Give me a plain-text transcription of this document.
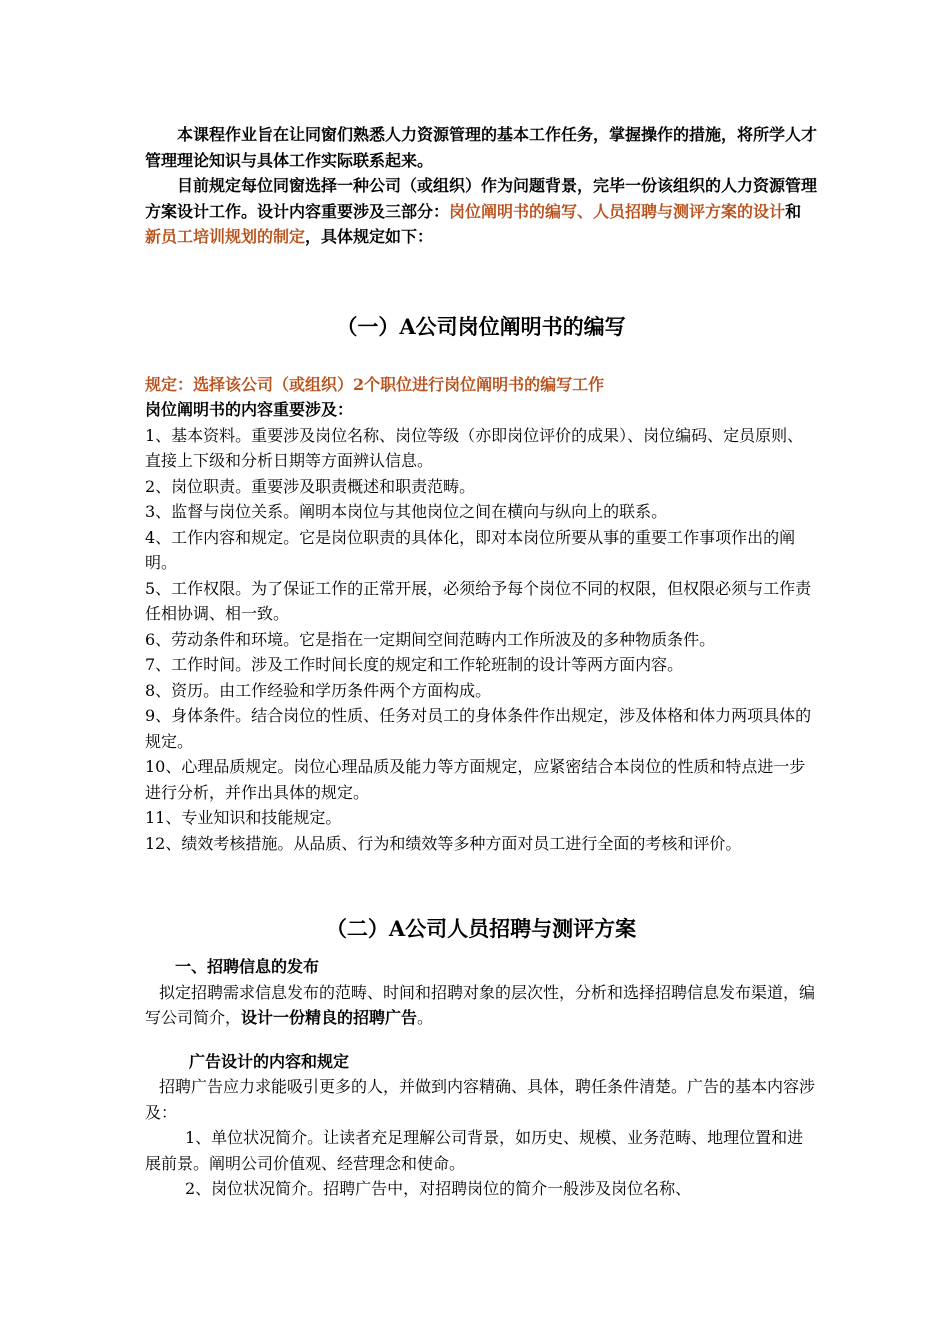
本课程作业旨在让同窗们熟悉人力资源管理的基本工作任务，掌握操作的措施，将所学人才管理理论知识与具体工作实际联系起来。

目前规定每位同窗选择一种公司（或组织）作为问题背景，完毕一份该组织的人力资源管理方案设计工作。设计内容重要涉及三部分：岗位阐明书的编写、人员招聘与测评方案的设计和新员工培训规划的制定，具体规定如下：

（一）A公司岗位阐明书的编写

规定：选择该公司（或组织）2个职位进行岗位阐明书的编写工作

岗位阐明书的内容重要涉及：

1、基本资料。重要涉及岗位名称、岗位等级（亦即岗位评价的成果）、岗位编码、定员原则、直接上下级和分析日期等方面辨认信息。

2、岗位职责。重要涉及职责概述和职责范畴。

3、监督与岗位关系。阐明本岗位与其他岗位之间在横向与纵向上的联系。

4、工作内容和规定。它是岗位职责的具体化，即对本岗位所要从事的重要工作事项作出的阐明。

5、工作权限。为了保证工作的正常开展，必须给予每个岗位不同的权限，但权限必须与工作责任相协调、相一致。

6、劳动条件和环境。它是指在一定期间空间范畴内工作所波及的多种物质条件。

7、工作时间。涉及工作时间长度的规定和工作轮班制的设计等两方面内容。

8、资历。由工作经验和学历条件两个方面构成。

9、身体条件。结合岗位的性质、任务对员工的身体条件作出规定，涉及体格和体力两项具体的规定。

10、心理品质规定。岗位心理品质及能力等方面规定，应紧密结合本岗位的性质和特点进一步进行分析，并作出具体的规定。

11、专业知识和技能规定。

12、绩效考核措施。从品质、行为和绩效等多种方面对员工进行全面的考核和评价。

（二）A公司人员招聘与测评方案

一、招聘信息的发布

拟定招聘需求信息发布的范畴、时间和招聘对象的层次性，分析和选择招聘信息发布渠道，编写公司简介，设计一份精良的招聘广告。

广告设计的内容和规定

招聘广告应力求能吸引更多的人，并做到内容精确、具体，聘任条件清楚。广告的基本内容涉及：

1、单位状况简介。让读者充足理解公司背景，如历史、规模、业务范畴、地理位置和进展前景。阐明公司价值观、经营理念和使命。

2、岗位状况简介。招聘广告中，对招聘岗位的简介一般涉及岗位名称、
